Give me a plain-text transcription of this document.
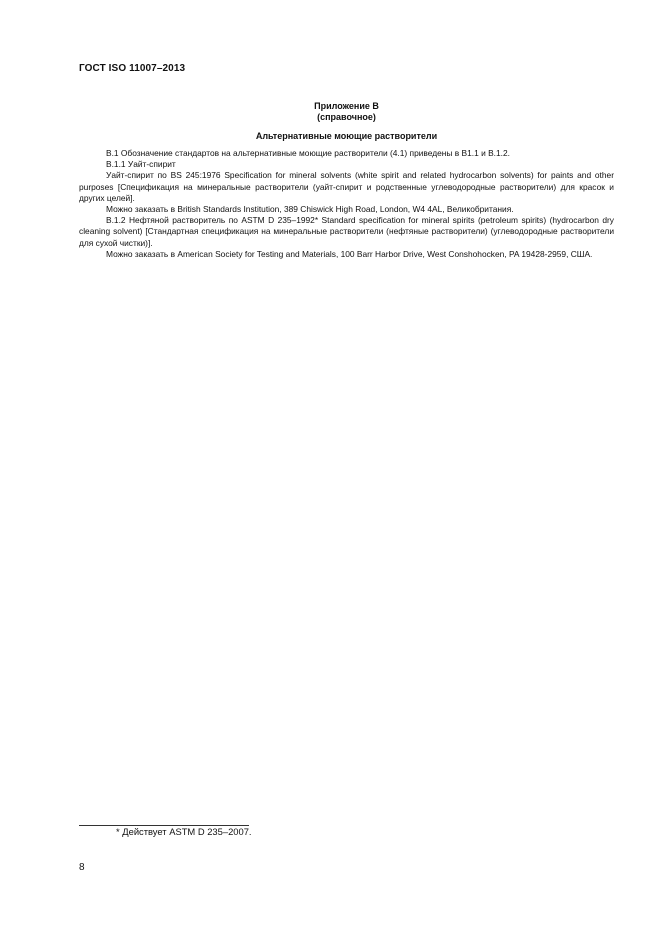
ГОСТ ISO 11007–2013
Приложение В
(справочное)
Альтернативные моющие растворители

В.1 Обозначение стандартов на альтернативные моющие растворители (4.1) приведены в В1.1 и В.1.2.

В.1.1 Уайт-спирит

Уайт-спирит по BS 245:1976 Specification for mineral solvents (white spirit and related hydrocarbon solvents) for paints and other purposes [Спецификация на минеральные растворители (уайт-спирит и родственные углеводородные растворители) для красок и других целей].

Можно заказать в British Standards Institution, 389 Chiswick High Road, London, W4 4AL, Великобритания.

В.1.2 Нефтяной растворитель по ASTM D 235–1992* Standard specification for mineral spirits (petroleum spirits) (hydrocarbon dry cleaning solvent) [Стандартная спецификация на минеральные растворители (нефтяные растворители) (углеводородные растворители для сухой чистки)].

Можно заказать в American Society for Testing and Materials, 100 Barr Harbor Drive, West Conshohocken, PA 19428-2959, США.

* Действует ASTM D 235–2007.
8
